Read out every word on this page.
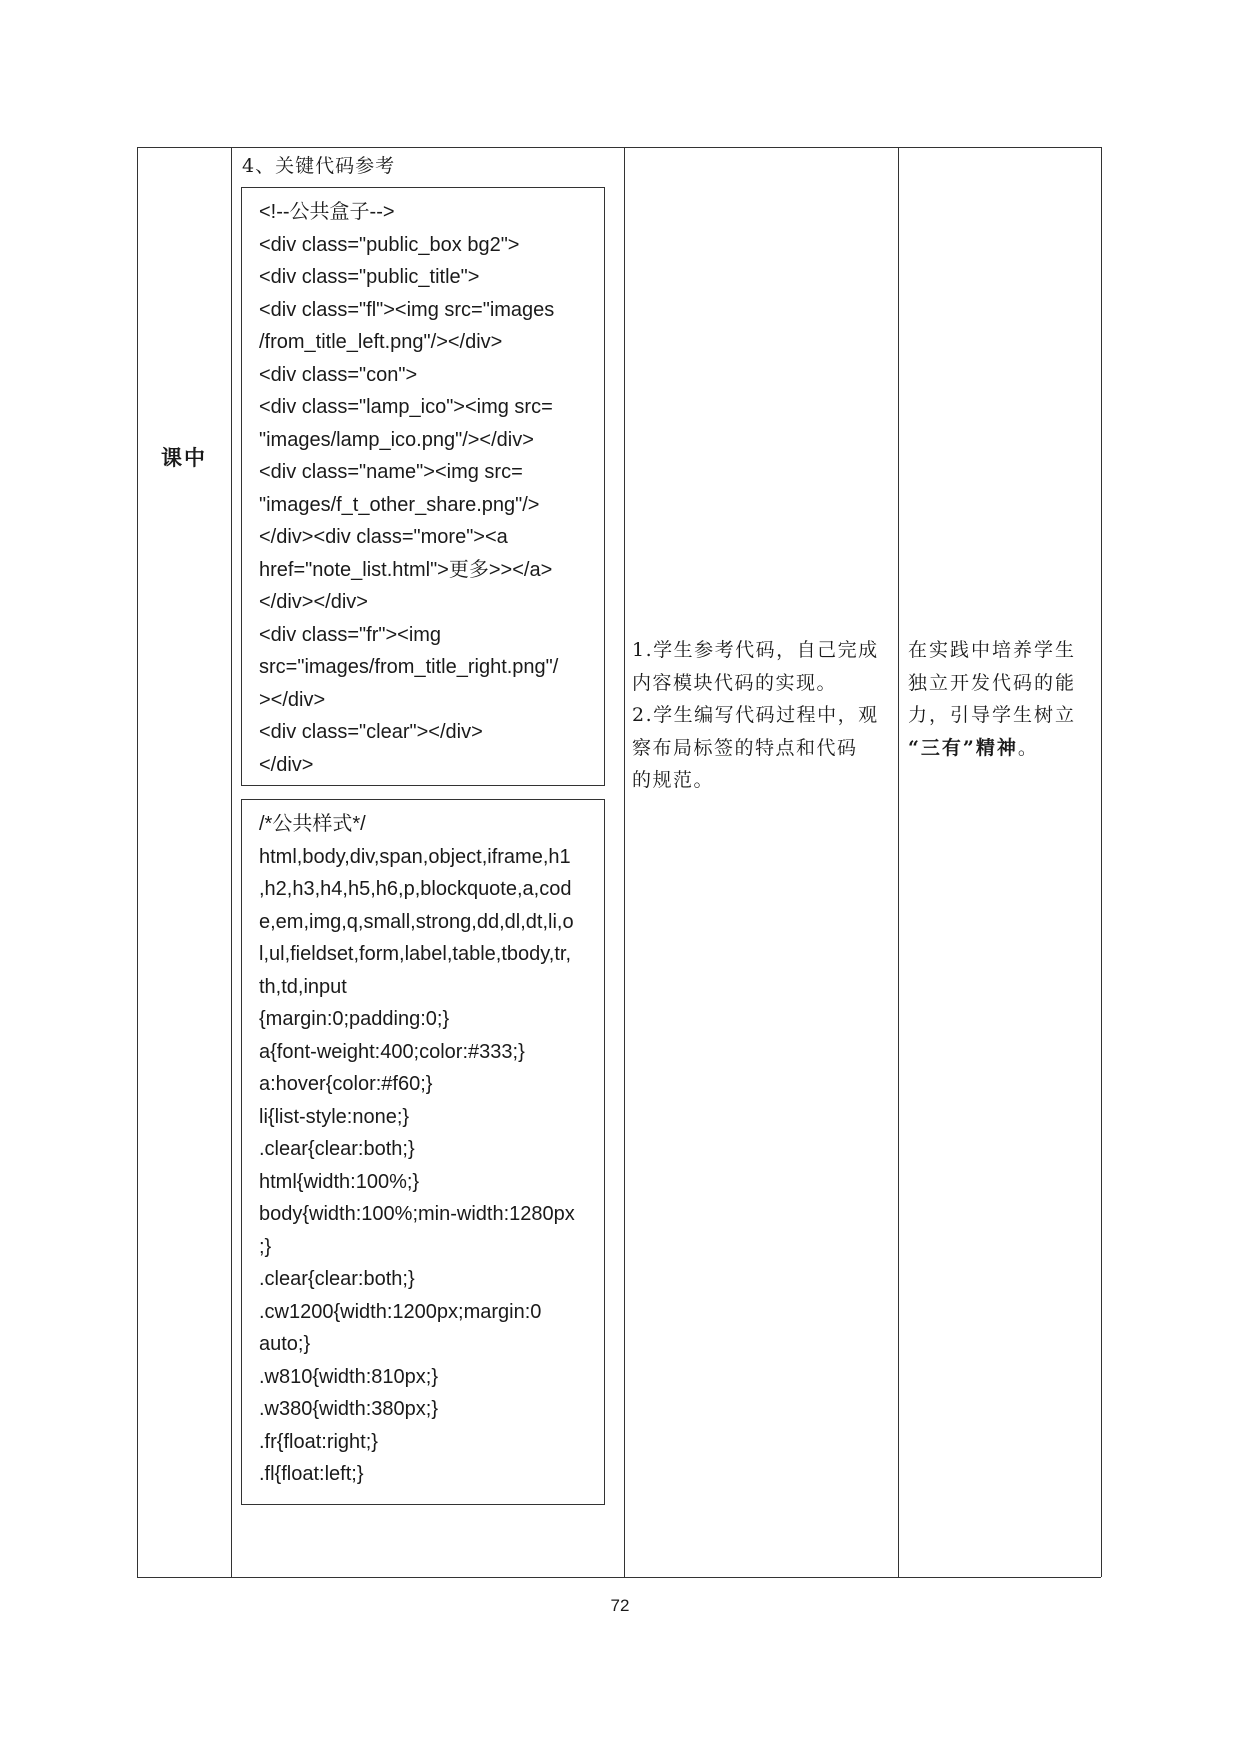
课中
4、关键代码参考
<!--公共盒子-->
<div class="public_box bg2">
<div class="public_title">
<div class="fl"><img src="images
/from_title_left.png"/></div>
<div class="con">
<div class="lamp_ico"><img src=
"images/lamp_ico.png"/></div>
<div class="name"><img src=
"images/f_t_other_share.png"/>
</div><div class="more"><a
href="note_list.html">更多>></a>
</div></div>
<div class="fr"><img
src="images/from_title_right.png"/
></div>
<div class="clear"></div>
</div>
/*公共样式*/
html,body,div,span,object,iframe,h1
,h2,h3,h4,h5,h6,p,blockquote,a,cod
e,em,img,q,small,strong,dd,dl,dt,li,o
l,ul,fieldset,form,label,table,tbody,tr,
th,td,input
{margin:0;padding:0;}
a{font-weight:400;color:#333;}
a:hover{color:#f60;}
li{list-style:none;}
.clear{clear:both;}
html{width:100%;}
body{width:100%;min-width:1280px
;}
.clear{clear:both;}
.cw1200{width:1200px;margin:0
auto;}
.w810{width:810px;}
.w380{width:380px;}
.fr{float:right;}
.fl{float:left;}
1.学生参考代码，自己完成
内容模块代码的实现。
2.学生编写代码过程中，观
察布局标签的特点和代码
的规范。
在实践中培养学生
独立开发代码的能
力，引导学生树立
“三有”精神。
72
